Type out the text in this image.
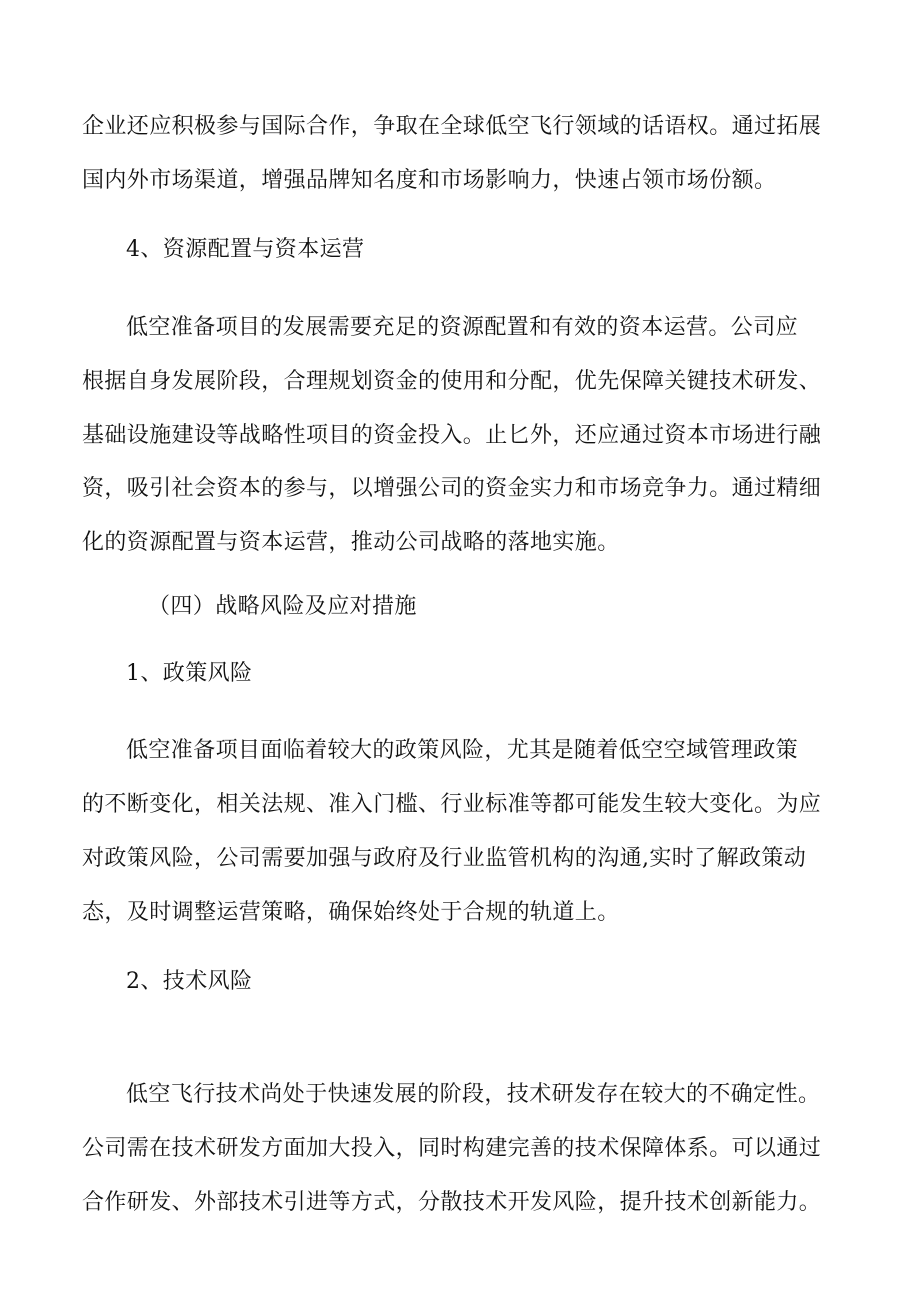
企业还应积极参与国际合作，争取在全球低空飞行领域的话语权。通过拓展
国内外市场渠道，增强品牌知名度和市场影响力，快速占领市场份额。
4、资源配置与资本运营
低空准备项目的发展需要充足的资源配置和有效的资本运营。公司应
根据自身发展阶段，合理规划资金的使用和分配，优先保障关键技术研发、
基础设施建设等战略性项目的资金投入。止匕外，还应通过资本市场进行融
资，吸引社会资本的参与，以增强公司的资金实力和市场竞争力。通过精细
化的资源配置与资本运营，推动公司战略的落地实施。
（四）战略风险及应对措施
1、政策风险
低空准备项目面临着较大的政策风险，尤其是随着低空空域管理政策
的不断变化，相关法规、准入门槛、行业标准等都可能发生较大变化。为应
对政策风险，公司需要加强与政府及行业监管机构的沟通,实时了解政策动
态，及时调整运营策略，确保始终处于合规的轨道上。
2、技术风险
低空飞行技术尚处于快速发展的阶段，技术研发存在较大的不确定性。
公司需在技术研发方面加大投入，同时构建完善的技术保障体系。可以通过
合作研发、外部技术引进等方式，分散技术开发风险，提升技术创新能力。
